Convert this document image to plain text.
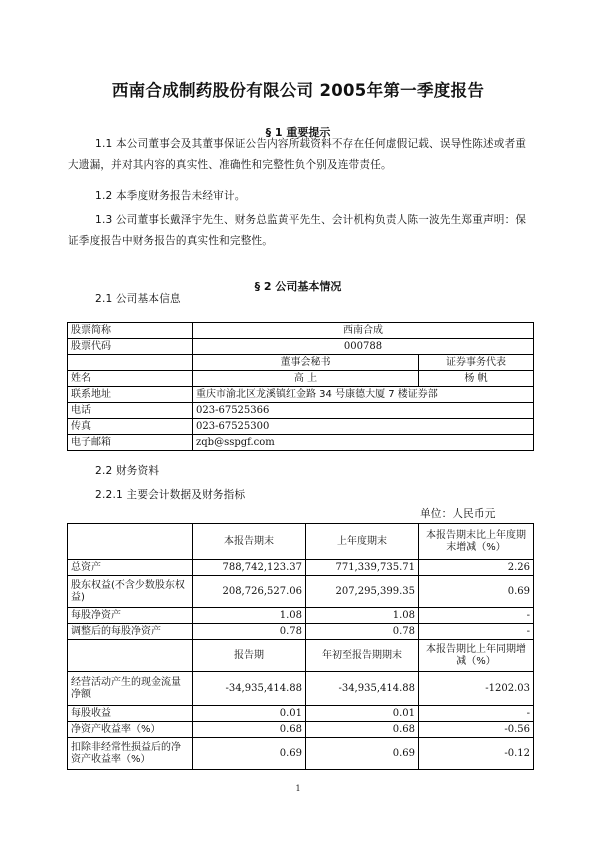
西南合成制药股份有限公司 2005年第一季度报告
§ 1 重要提示

1.1 本公司董事会及其董事保证公告内容所载资料不存在任何虚假记载、误导性陈述或者重大遗漏，并对其内容的真实性、准确性和完整性负个别及连带责任。

1.2 本季度财务报告未经审计。

1.3 公司董事长戴泽宇先生、财务总监黄平先生、会计机构负责人陈一波先生郑重声明：保证季度报告中财务报告的真实性和完整性。

§ 2 公司基本情况
2.1 公司基本信息
股票简称	西南合成	
股票代码	000788	
	董事会秘书	证券事务代表
姓名	高 上	杨 帆
联系地址	重庆市渝北区龙溪镇红金路 34 号康德大厦 7 楼证券部	
电话	023-67525366	
传真	023-67525300	
电子邮箱	zqb@sspgf.com	
2.2 财务资料
2.2.1 主要会计数据及财务指标
单位：人民币元
	本报告期末	上年度期末	本报告期末比上年度期末增减（%）
总资产	788,742,123.37	771,339,735.71	2.26
股东权益(不含少数股东权益)	208,726,527.06	207,295,399.35	0.69
每股净资产	1.08	1.08	-
调整后的每股净资产	0.78	0.78	-
	报告期	年初至报告期期末	本报告期比上年同期增减（%）
经营活动产生的现金流量净额	-34,935,414.88	-34,935,414.88	-1202.03
每股收益	0.01	0.01	-
净资产收益率（%）	0.68	0.68	-0.56
扣除非经常性损益后的净资产收益率（%）	0.69	0.69	-0.12
1
